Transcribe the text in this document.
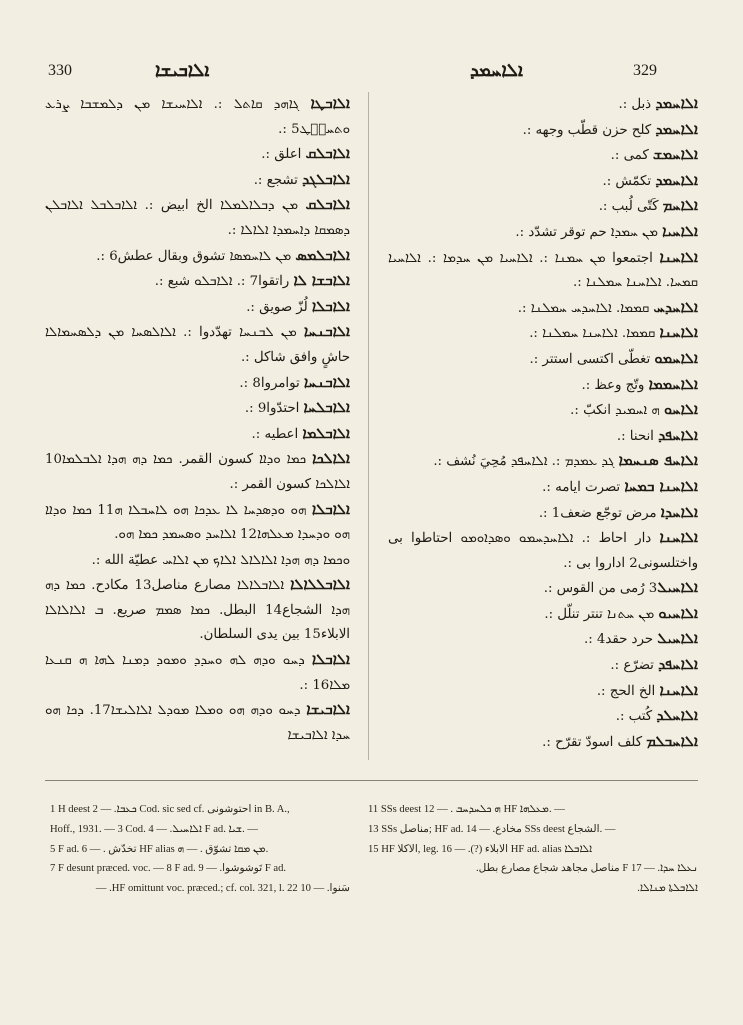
330	ܐܠܐܒܝܫܐ	ܐܠܐܚܡܕ	329

ܐܠܐܒܛܐ ܓܐܗܕ ܩܐܬܠ :. ܐܠܐܚܝܫܐ ܡܢ ܕܠܡܫܒܐ ܨܪܥ ܘܬܚܒّܛ5 :.

ܐܠܐܒܠܩ اعلق :.

ܐܠܐܒܠܓܕ تشجع :.

ܐܠܐܒܠܩ ܡܢ ܕܒܠܐܠܡܠܐ الخ ابيض :. ܐܠܐܒܠܒܠ ܐܠܐܒܠܢ ܕܣܡܩܐ ܕܐܚܡܕܐ ܐܠܐܠܐ :.

ܐܠܐܒܠܡܣ ܡܢ ܠܐܚܡܣܐ تشوق وبقال عطش6 :.

ܐܠܐܒܫܐ ܠܐ راتقوا7 :. ܐܠܐܒܠܘ شبع :.

ܐܠܐܒܠܐ لُزّ صويق :.

ܐܠܐܒܢܚܐ ܡܢ ܠܒܢܚܐ تهدّدوا :. ܐܠܐܠܣܚܐ ܡܢ ܕܠܣܚܡܐܠܐ حاشٍ وافق شاكل :.

ܐܠܐܒܢܚܐ توامروا8 :.

ܐܠܐܒܠܚܐ احتدّوا9 :.

ܐܠܐܒܠܡܐ اعطيه :.

ܐܠܐܠܟܐ ܟܡܐ ܘܕܐܐ كسون القمر. ܟܡܐ ܕܗ ܗܕܐ ܐܠܒܠܡܐ10 ܐܠܐܠܟܐ كسون القمر :.

ܐܠܐܒܠܐ ܗܘ ܘܕܣܕܚܐ ܠܐ ܥܕܟܐ ܗܘ ܠܐܚܒܠܐ ܗ11 ܟܡܐ ܘܕܐܐ ܗܘ ܘܕܚܕܐ ܡܥܠܗܐ12 ܐܠܐܚܕ ܘܣܚܡܕ ܟܡܐ ܗܘ.

ܘܟܡܐ ܕܗ ܗܕܐ ܐܠܐܠܐܠ ܐܠܐܟ ܡܢ ܐܠܐܚ عطيّة الله :.

ܐܠܐܒܠܠܐܠܐ ܐܠܐܒܠܐܠܐ مصارع مناصل13 مكادح. ܟܡܐ ܕܗ ܗܕܐ الشجاع14 البطل. ܟܡܐ ܣܡܡ صريع. ܒ ܐܠܐܠܐܠܐ الابلاء15 بين يدى السلطان.

ܐܠܐܒܠܐ ܕܚܘ ܘܕܗ ܠܗ ܘܚܕܕ ܘܡܘܕ ܕܡܢܐ ܠܗܐ ܗ ܩܢܥܐ ܡܠܐ16 :.

ܐܠܐܒܝܫܐ ܕܚܘ ܘܕܗ ܗܘ ܘܡܠܐ ܡܘܕܠ ܐܠܐܠܝܫܐ17. ܕܟܐ ܗܘ ܚܕܐ ܐܠܐܒܝܫܐ

ܐܠܐܚܡܕ ذبل :.

ܐܠܐܚܡܕ كلح حزن قطّب وجهه :.

ܐܠܐܚܡܫ كمى :.

ܐܠܐܚܡܕ تكمّش :.

ܐܠܐܚܡ كَتّى لُبب :.

ܐܠܐܚܝܐ ܡܢ ܚܡܕܐ حم توقر تشدّد :.

ܐܠܐܚܢܐ اجتمعوا ܡܢ ܚܡܢܐ :. ܐܠܐܚܝܐ ܡܢ ܚܕܡܐ :. ܐܠܐܚܝܐ ܩܡܚܐ. ܐܠܐܚܢܐ ܚܡܠܢܐ :.

ܐܠܐܚܕܚ ܩܡܡܐ. ܐܠܐܚܕܚ ܚܡܠܢܐ :.

ܐܠܐܚܢܐ ܩܡܡܐ. ܐܠܐܚܢܐ ܚܡܠܢܐ :.

ܐܠܐܚܡܘ تغطّى اكتسى استتر :.

ܐܠܐܚܡܡܐ وتّج وعظ :.

ܐܠܐܚܘ ܗ ܐܚܡܝܕ انكبّ :.

ܐܠܐܚܦܕ انحنا :.

ܐܠܐܚܦ ܣܢܚܡܐ ܓܕ ܥܡܕܡ :. ܐܠܐܚܦܕ مُحِيَ نُشف :.

ܐܠܐܚܢܐ ܒܡܚܐ تصرت ايامه :.

ܐܠܐܚܕܐ مرض توجّع ضعف1 :.

ܐܠܐܚܢܐ دار احاط :. ܐܠܐܚܕܚܡܘ ܘܣܕܐܘܡܘ احتاطوا بى واختلسونى2 اداروا بى :.

ܐܠܐܚܝܠ3 رُمى من القوس :.

ܐܠܐܚܝܘ ܡܢ ܚܬܢܐ تنتر تنلّل :.

ܐܠܐܚܝܠ حرد حقد4 :.

ܐܠܐܚܦܕ تضرّع :.

ܐܠܐܚܢܐ الخ الحج :.

ܐܠܐܚܠܕ كُتب :.

ܐܠܐܚܒܠܡ كلف اسودّ تقرّح :.

1 H deest ܟܥܒܐ. — 2 Cod. sic sed cf. احتوشونى in B. A.,
Hoff., 1931. — 3 Cod. ܐܠܐܚܝܠ. — 4 F ad. ܫܝܐ. —
5 F ad. تخدّش . — 6 HF alias ܡܢ ܡܩܐ تشوّق . — ܗ.
7 F desunt præced. voc. — 8 F ad. تَوشوشوا. — 9 F ad.
سَنوا. — 10 HF omittunt voc. præced.; cf. col. 321, l. 22. —
11 SSs deest ܗ ܟܠܚܕܚܒ . — 12 HF ܡܥܠܗܐ. —
13 SSs مناصل; HF ad. مخادع. — 14 SSs deest الشجاع. —
15 HF الاكلا, leg. الابلاء (?). — 16 HF ad. alias ܐܠܐܒܠܐ
ܢܥܠܐ ܚܕܐ. — 17 F مناصل مجاهد شجاع مصارع بطل.
ܐܠܐܒܠܬܐ ܡܢܐܠܐ.
